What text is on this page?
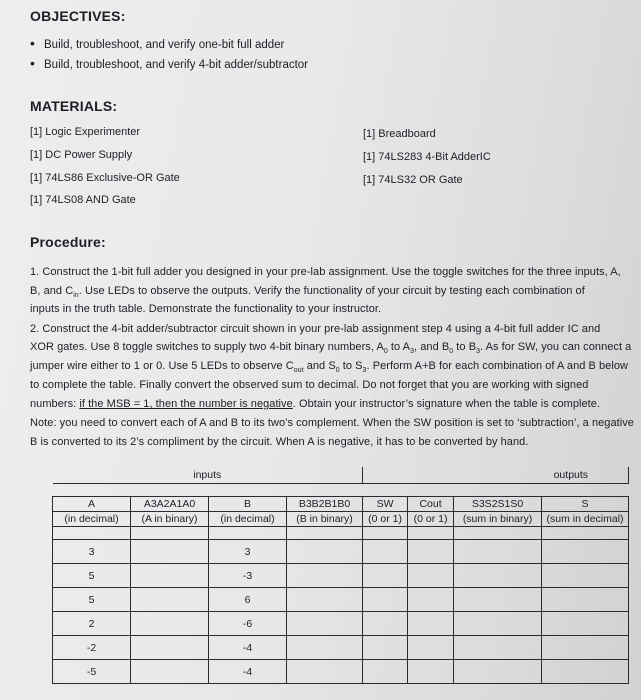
OBJECTIVES:
• Build, troubleshoot, and verify one-bit full adder
• Build, troubleshoot, and verify 4-bit adder/subtractor
MATERIALS:
[1] Logic Experimenter
[1] DC Power Supply
[1] 74LS86 Exclusive-OR Gate
[1] 74LS08 AND Gate
[1] Breadboard
[1] 74LS283 4-Bit AdderIC
[1] 74LS32 OR Gate
Procedure:
1. Construct the 1-bit full adder you designed in your pre-lab assignment. Use the toggle switches for the three inputs, A,
B, and $C_{in}$. Use LEDs to observe the outputs. Verify the functionality of your circuit by testing each combination of
inputs in the truth table. Demonstrate the functionality to your instructor.
2. Construct the 4-bit adder/subtractor circuit shown in your pre-lab assignment step 4 using a 4-bit full adder IC and
XOR gates. Use 8 toggle switches to supply two 4-bit binary numbers, $A_0$ to $A_3$, and $B_0$ to $B_3$. As for SW, you can connect a
jumper wire either to 1 or 0. Use 5 LEDs to observe $C_{out}$ and $S_0$ to $S_3$. Perform A+B for each combination of A and B below
to complete the table. Finally convert the observed sum to decimal. Do not forget that you are working with signed
numbers: if the MSB = 1, then the number is negative. Obtain your instructor’s signature when the table is complete.
Note: you need to convert each of A and B to its two’s complement. When the SW position is set to ‘subtraction’, a negative
B is converted to its 2’s compliment by the circuit. When A is negative, it has to be converted by hand.
inputs				outputs			

A	A3A2A1A0	B	B3B2B1B0	SW	Cout	S3S2S1S0	S
(in decimal)	(A in binary)	(in decimal)	(B in binary)	(0 or 1)	(0 or 1)	(sum in binary)	(sum in decimal)

3		3					
5		-3					
5		6					
2		-6					
-2		-4					
-5		-4					
